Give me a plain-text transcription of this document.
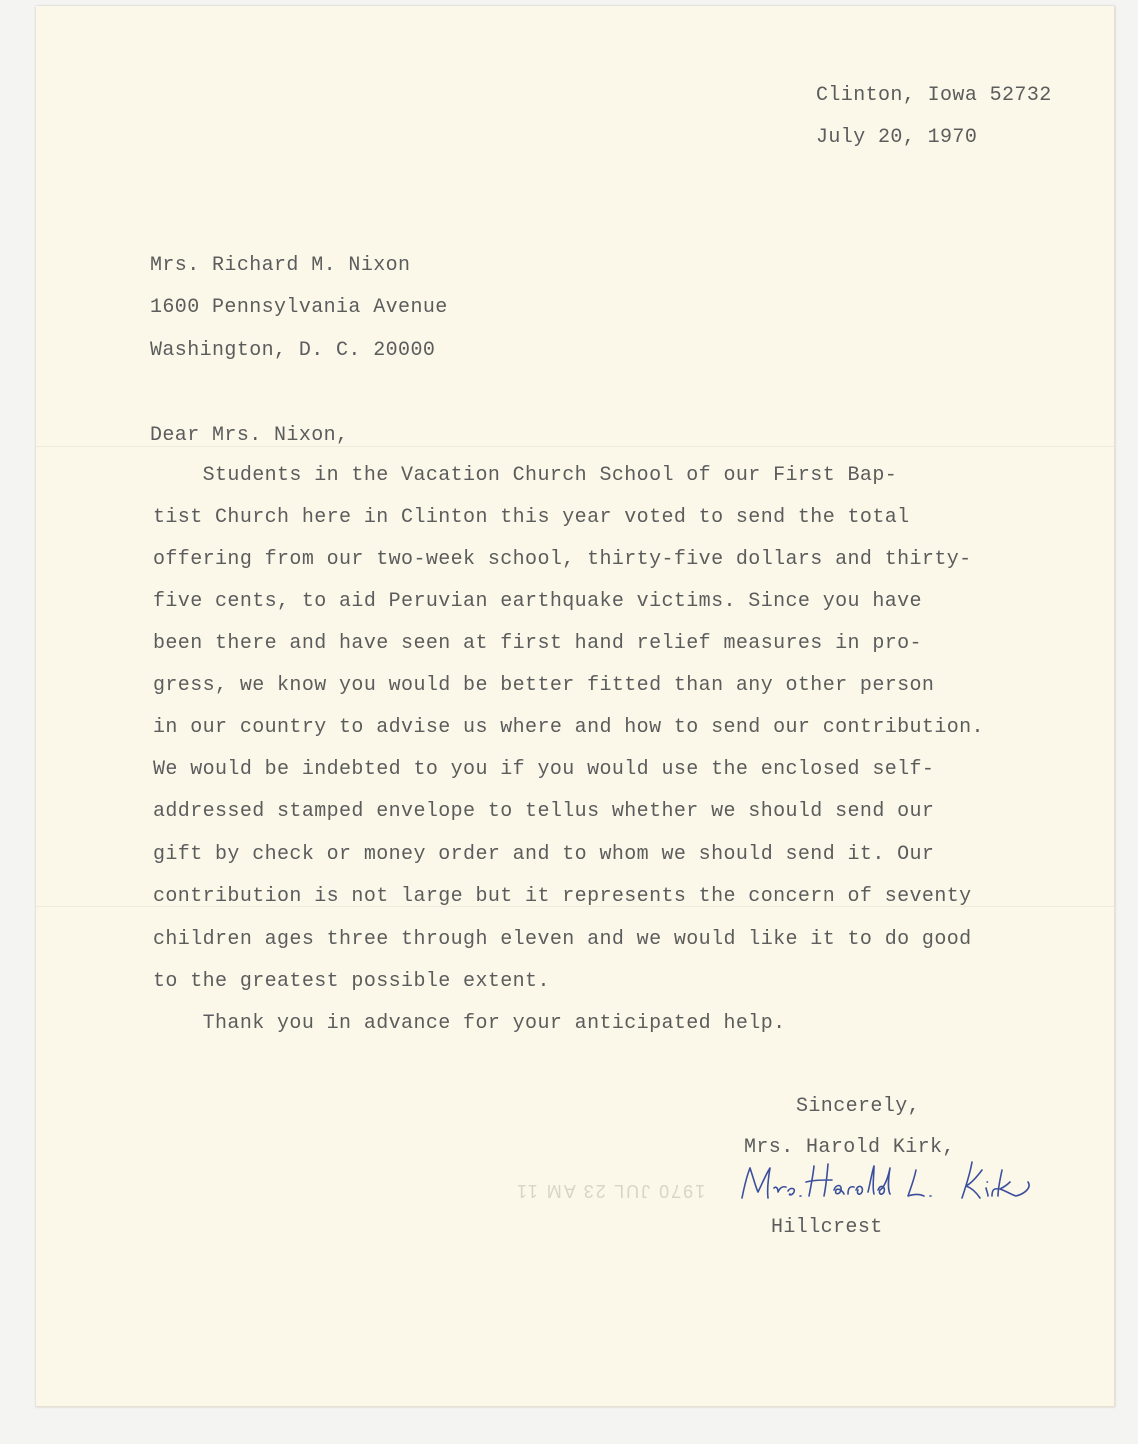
Clinton, Iowa 52732
July 20, 1970
Mrs. Richard M. Nixon
1600 Pennsylvania Avenue
Washington, D. C. 20000
Dear Mrs. Nixon,
Students in the Vacation Church School of our First Bap-
tist Church here in Clinton this year voted to send the total
offering from our two-week school, thirty-five dollars and thirty-
five cents, to aid Peruvian earthquake victims. Since you have
been there and have seen at first hand relief measures in pro-
gress, we know you would be better fitted than any other person
in our country to advise us where and how to send our contribution.
We would be indebted to you if you would use the enclosed self-
addressed stamped envelope to tellus whether we should send our
gift by check or money order and to whom we should send it. Our
contribution is not large but it represents the concern of seventy
children ages three through eleven and we would like it to do good
to the greatest possible extent.
Thank you in advance for your anticipated help.
Sincerely,
Mrs. Harold Kirk,
1970 JUL 23 AM 11
Hillcrest
